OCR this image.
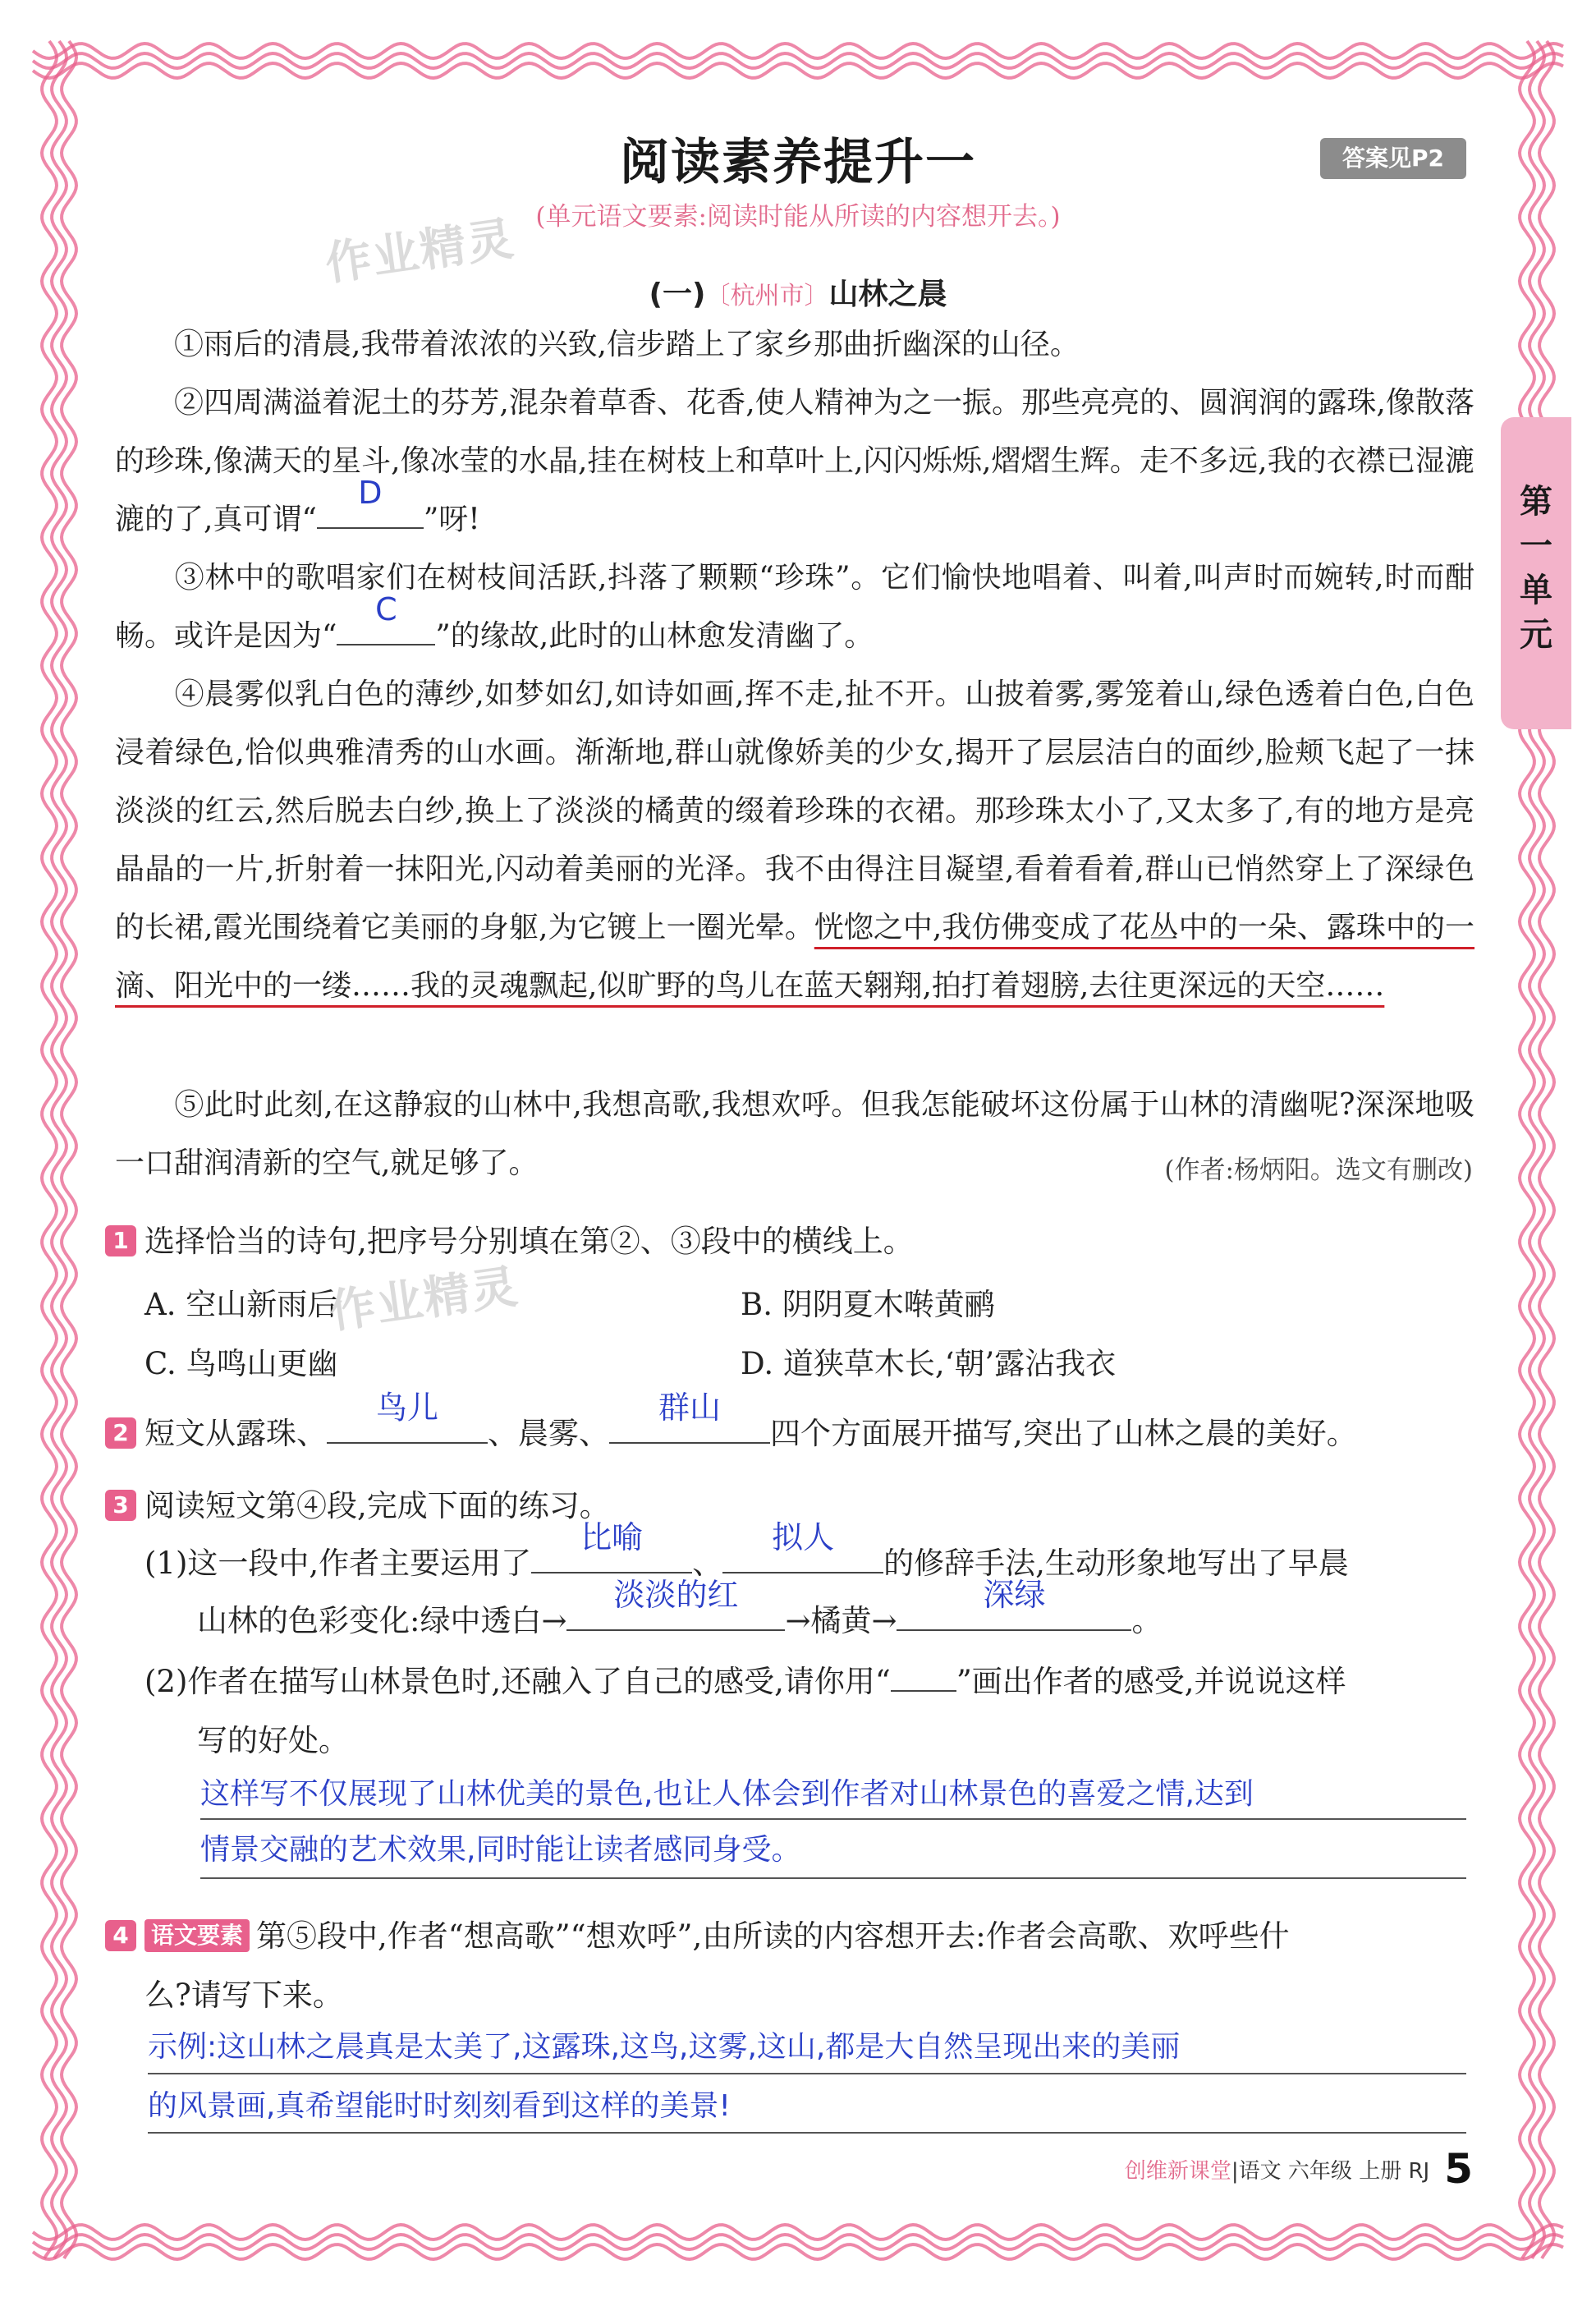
阅读素养提升一	答案见P2
(单元语文要素:阅读时能从所读的内容想开去。)
作业精灵
(一)〔杭州市〕山林之晨
①雨后的清晨,我带着浓浓的兴致,信步踏上了家乡那曲折幽深的山径。
②四周满溢着泥土的芬芳,混杂着草香、花香,使人精神为之一振。那些亮亮的、圆润润的露珠,像散落的珍珠,像满天的星斗,像冰莹的水晶,挂在树枝上和草叶上,闪闪烁烁,熠熠生辉。走不多远,我的衣襟已湿漉漉的了,真可谓“
D
”呀!
③林中的歌唱家们在树枝间活跃,抖落了颗颗“珍珠”。它们愉快地唱着、叫着,叫声时而婉转,时而酣畅。或许是因为“
C
”的缘故,此时的山林愈发清幽了。
④晨雾似乳白色的薄纱,如梦如幻,如诗如画,挥不走,扯不开。山披着雾,雾笼着山,绿色透着白色,白色浸着绿色,恰似典雅清秀的山水画。渐渐地,群山就像娇美的少女,揭开了层层洁白的面纱,脸颊飞起了一抹淡淡的红云,然后脱去白纱,换上了淡淡的橘黄的缀着珍珠的衣裙。那珍珠太小了,又太多了,有的地方是亮晶晶的一片,折射着一抹阳光,闪动着美丽的光泽。我不由得注目凝望,看着看着,群山已悄然穿上了深绿色的长裙,霞光围绕着它美丽的身躯,为它镀上一圈光晕。恍惚之中,我仿佛变成了花丛中的一朵、露珠中的一滴、阳光中的一缕……我的灵魂飘起,似旷野的鸟儿在蓝天翱翔,拍打着翅膀,去往更深远的天空……
⑤此时此刻,在这静寂的山林中,我想高歌,我想欢呼。但我怎能破坏这份属于山林的清幽呢?深深地吸一口甜润清新的空气,就足够了。	(作者:杨炳阳。选文有删改)
1 选择恰当的诗句,把序号分别填在第②、③段中的横线上。
A. 空山新雨后	B. 阴阴夏木啭黄鹂
C. 鸟鸣山更幽	D. 道狭草木长,‘朝’露沾我衣
作业精灵
2 短文从露珠、
鸟儿
、晨雾、
群山
四个方面展开描写,突出了山林之晨的美好。
3 阅读短文第④段,完成下面的练习。
(1)这一段中,作者主要运用了
比喻
、
拟人
的修辞手法,生动形象地写出了早晨
山林的色彩变化:绿中透白→
淡淡的红
→橘黄→
深绿
。
(2)作者在描写山林景色时,还融入了自己的感受,请你用“ ”画出作者的感受,并说说这样
写的好处。
这样写不仅展现了山林优美的景色,也让人体会到作者对山林景色的喜爱之情,达到
情景交融的艺术效果,同时能让读者感同身受。
4 语文要素 第⑤段中,作者“想高歌”“想欢呼”,由所读的内容想开去:作者会高歌、欢呼些什
么?请写下来。
示例:这山林之晨真是太美了,这露珠,这鸟,这雾,这山,都是大自然呈现出来的美丽
的风景画,真希望能时时刻刻看到这样的美景!
第
一
单
元
创维新课堂|语文 六年级 上册 RJ 5
